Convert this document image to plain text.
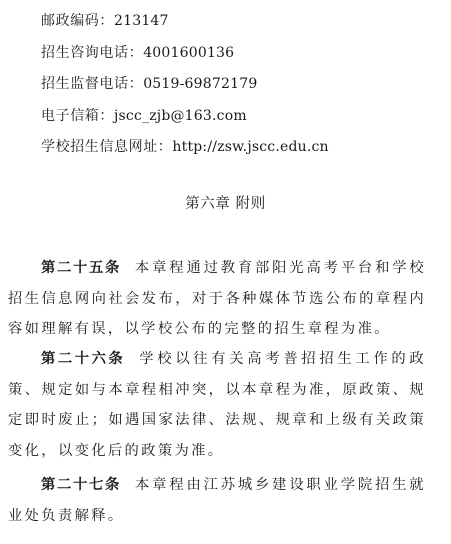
邮政编码：213147
招生咨询电话：4001600136
招生监督电话：0519-69872179
电子信箱：jscc_zjb@163.com
学校招生信息网址：http://zsw.jscc.edu.cn
第六章 附则

第二十五条 本章程通过教育部阳光高考平台和学校招生信息网向社会发布，对于各种媒体节选公布的章程内容如理解有误，以学校公布的完整的招生章程为准。

第二十六条 学校以往有关高考普招招生工作的政策、规定如与本章程相冲突，以本章程为准，原政策、规定即时废止；如遇国家法律、法规、规章和上级有关政策变化，以变化后的政策为准。

第二十七条 本章程由江苏城乡建设职业学院招生就业处负责解释。
